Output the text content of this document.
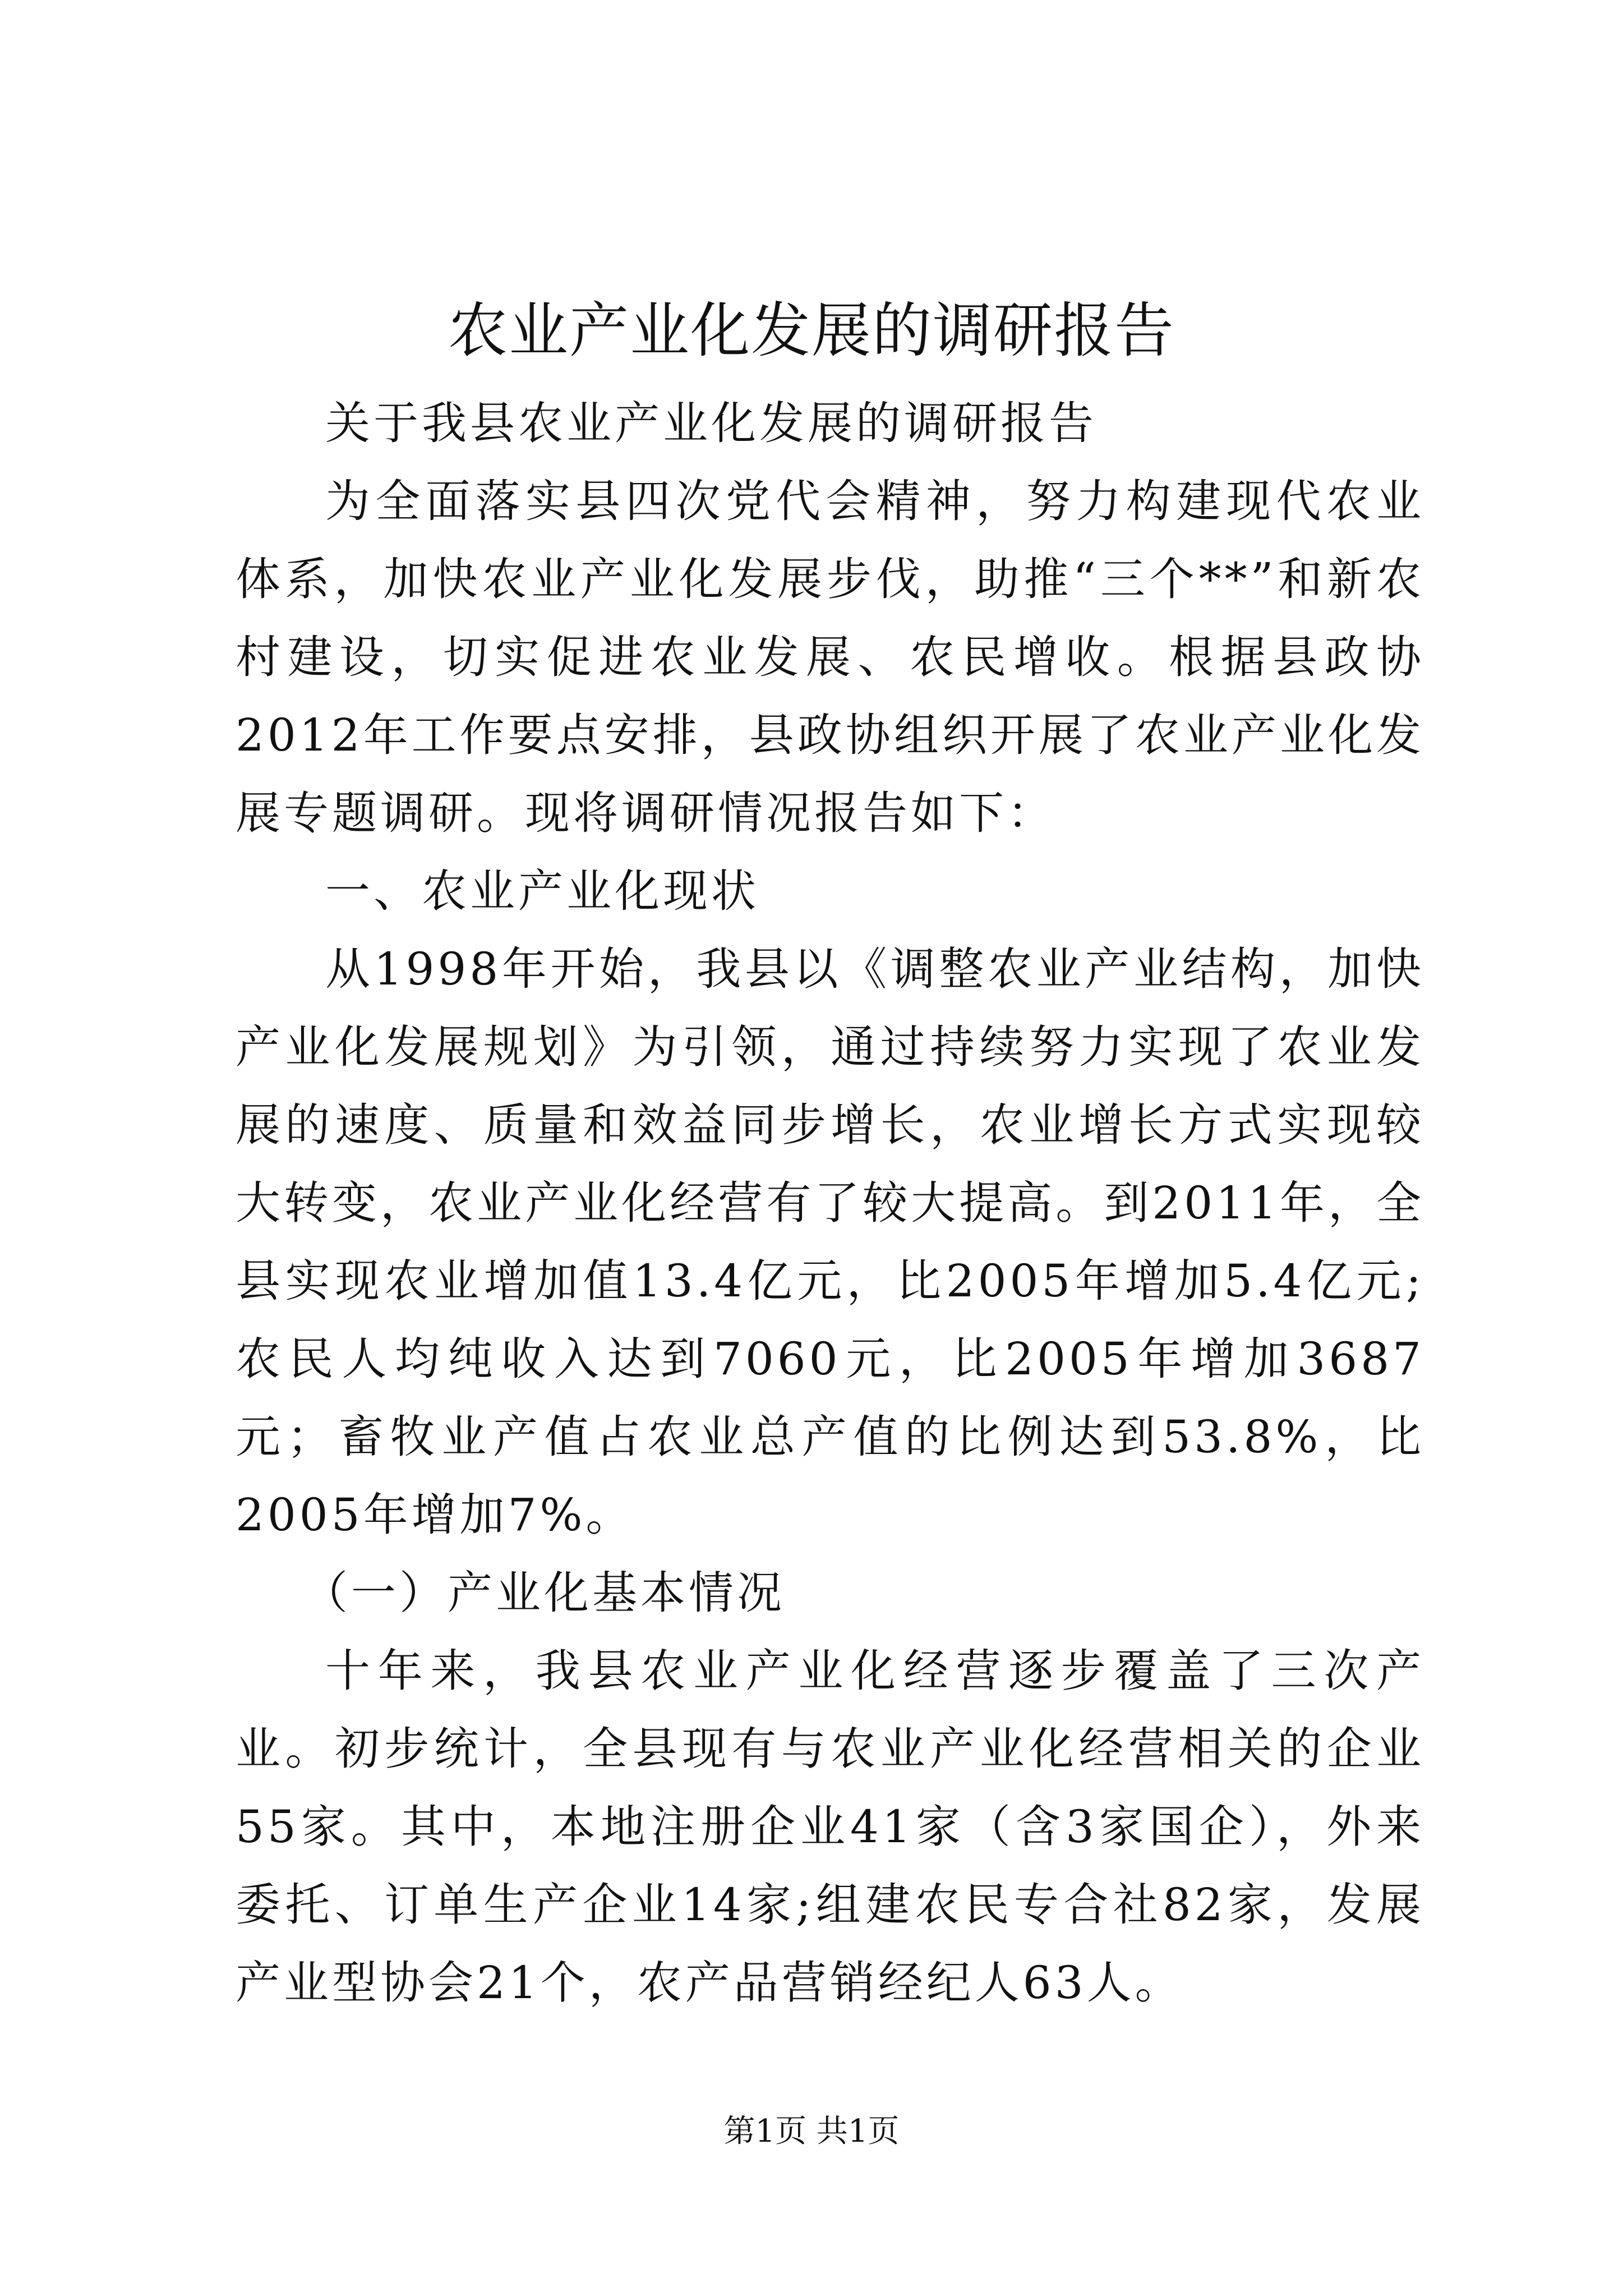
农业产业化发展的调研报告

关于我县农业产业化发展的调研报告

为全面落实县四次党代会精神，努力构建现代农业体系，加快农业产业化发展步伐，助推“三个**”和新农村建设，切实促进农业发展、农民增收。根据县政协2012年工作要点安排，县政协组织开展了农业产业化发展专题调研。现将调研情况报告如下：

一、农业产业化现状

从1998年开始，我县以《调整农业产业结构，加快产业化发展规划》为引领，通过持续努力实现了农业发展的速度、质量和效益同步增长，农业增长方式实现较大转变，农业产业化经营有了较大提高。到2011年，全县实现农业增加值13.4亿元，比2005年增加5.4亿元;农民人均纯收入达到7060元，比2005年增加3687元；畜牧业产值占农业总产值的比例达到53.8%，比2005年增加7%。

（一）产业化基本情况

十年来，我县农业产业化经营逐步覆盖了三次产业。初步统计，全县现有与农业产业化经营相关的企业55家。其中，本地注册企业41家（含3家国企），外来委托、订单生产企业14家;组建农民专合社82家，发展产业型协会21个，农产品营销经纪人63人。

第1页 共1页
